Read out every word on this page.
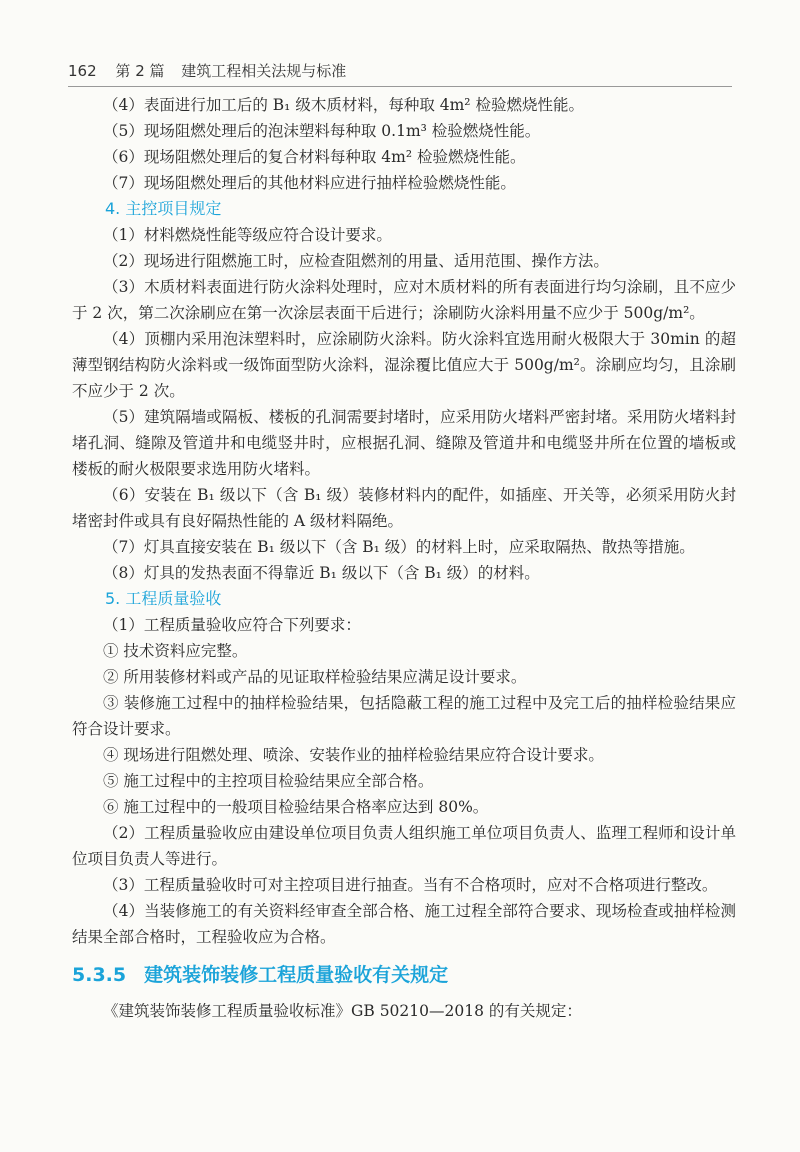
162 第 2 篇 建筑工程相关法规与标准

（4）表面进行加工后的 B₁ 级木质材料，每种取 4m² 检验燃烧性能。

（5）现场阻燃处理后的泡沫塑料每种取 0.1m³ 检验燃烧性能。

（6）现场阻燃处理后的复合材料每种取 4m² 检验燃烧性能。

（7）现场阻燃处理后的其他材料应进行抽样检验燃烧性能。

4. 主控项目规定

（1）材料燃烧性能等级应符合设计要求。

（2）现场进行阻燃施工时，应检查阻燃剂的用量、适用范围、操作方法。

（3）木质材料表面进行防火涂料处理时，应对木质材料的所有表面进行均匀涂刷，且不应少于 2 次，第二次涂刷应在第一次涂层表面干后进行；涂刷防火涂料用量不应少于 500g/m²。

（4）顶棚内采用泡沫塑料时，应涂刷防火涂料。防火涂料宜选用耐火极限大于 30min 的超薄型钢结构防火涂料或一级饰面型防火涂料，湿涂覆比值应大于 500g/m²。涂刷应均匀，且涂刷不应少于 2 次。

（5）建筑隔墙或隔板、楼板的孔洞需要封堵时，应采用防火堵料严密封堵。采用防火堵料封堵孔洞、缝隙及管道井和电缆竖井时，应根据孔洞、缝隙及管道井和电缆竖井所在位置的墙板或楼板的耐火极限要求选用防火堵料。

（6）安装在 B₁ 级以下（含 B₁ 级）装修材料内的配件，如插座、开关等，必须采用防火封堵密封件或具有良好隔热性能的 A 级材料隔绝。

（7）灯具直接安装在 B₁ 级以下（含 B₁ 级）的材料上时，应采取隔热、散热等措施。

（8）灯具的发热表面不得靠近 B₁ 级以下（含 B₁ 级）的材料。

5. 工程质量验收

（1）工程质量验收应符合下列要求：

① 技术资料应完整。

② 所用装修材料或产品的见证取样检验结果应满足设计要求。

③ 装修施工过程中的抽样检验结果，包括隐蔽工程的施工过程中及完工后的抽样检验结果应符合设计要求。

④ 现场进行阻燃处理、喷涂、安装作业的抽样检验结果应符合设计要求。

⑤ 施工过程中的主控项目检验结果应全部合格。

⑥ 施工过程中的一般项目检验结果合格率应达到 80%。

（2）工程质量验收应由建设单位项目负责人组织施工单位项目负责人、监理工程师和设计单位项目负责人等进行。

（3）工程质量验收时可对主控项目进行抽查。当有不合格项时，应对不合格项进行整改。

（4）当装修施工的有关资料经审查全部合格、施工过程全部符合要求、现场检查或抽样检测结果全部合格时，工程验收应为合格。

5.3.5 建筑装饰装修工程质量验收有关规定

《建筑装饰装修工程质量验收标准》GB 50210—2018 的有关规定：
